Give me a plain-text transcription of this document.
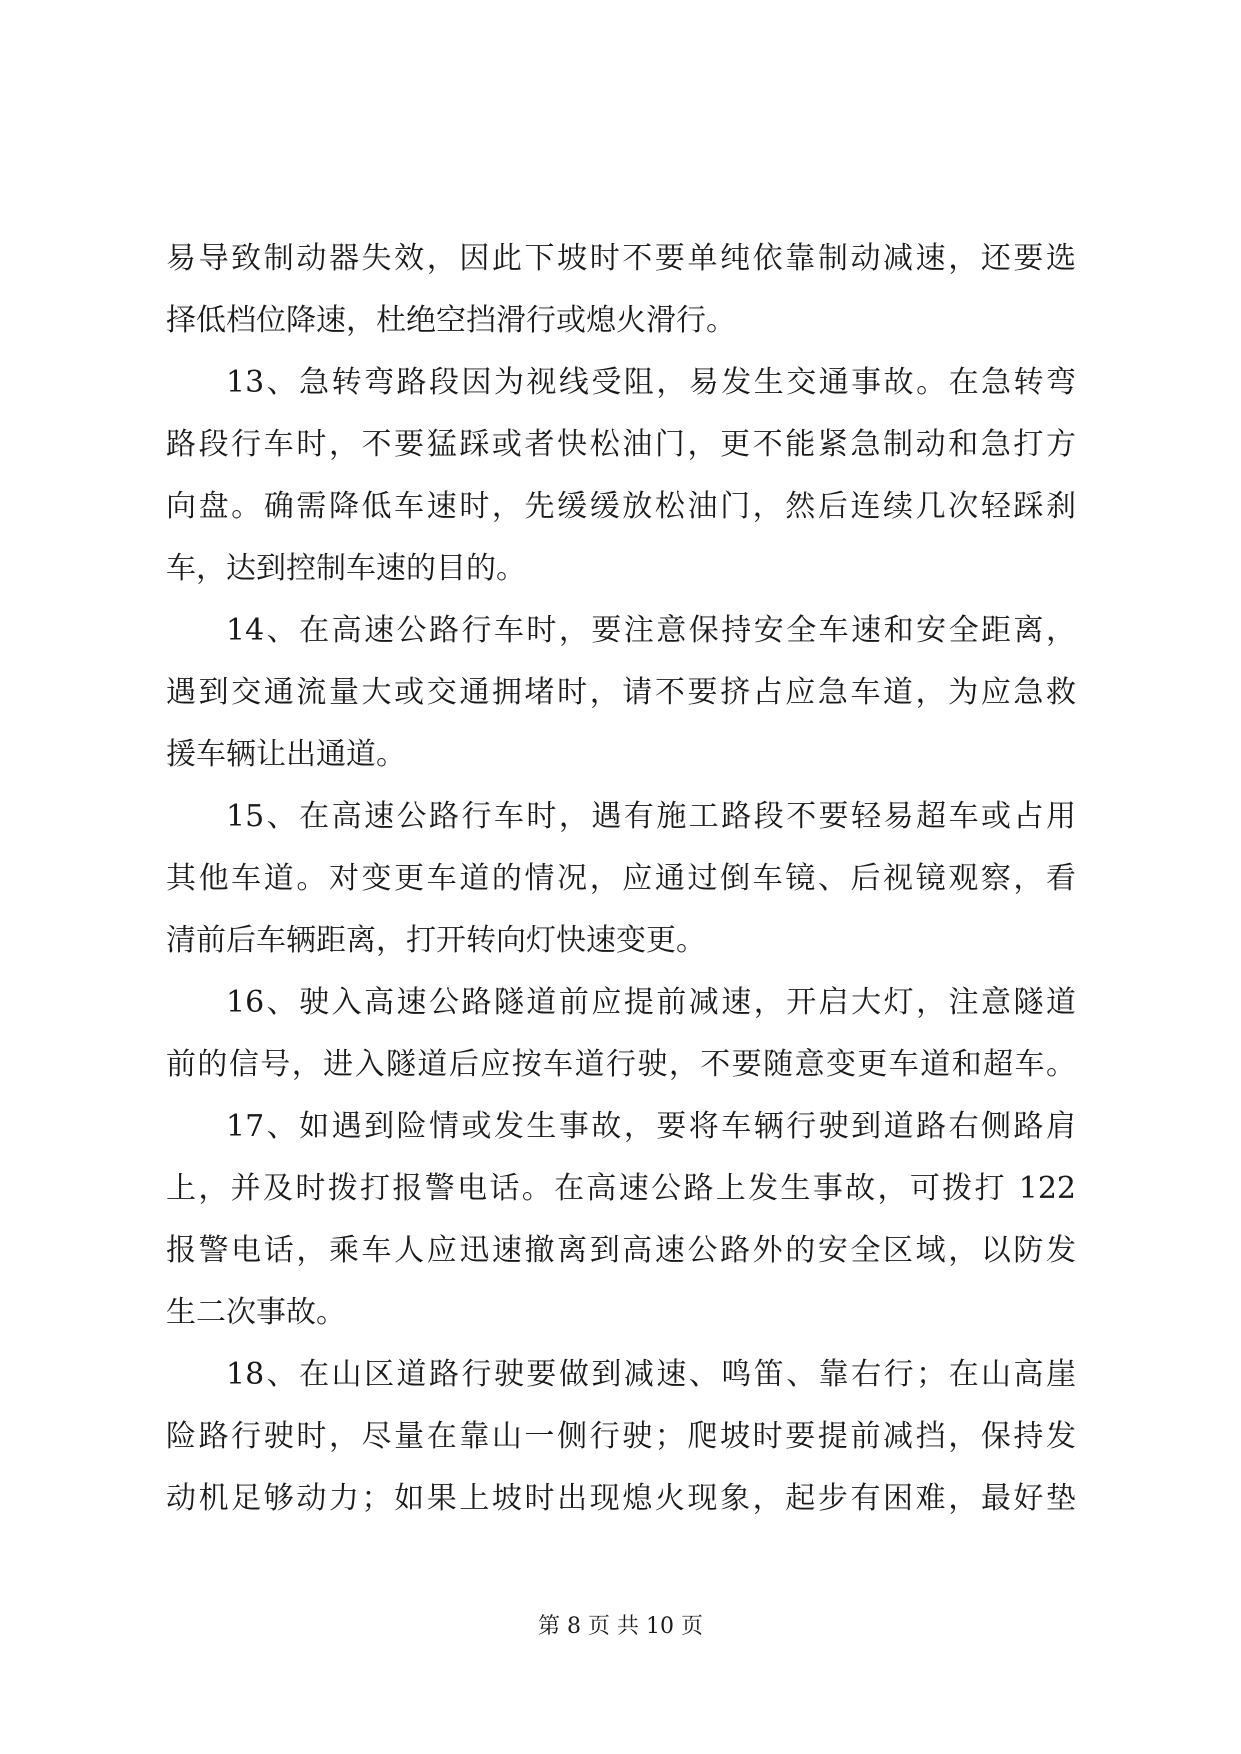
易导致制动器失效，因此下坡时不要单纯依靠制动减速，还要选
择低档位降速，杜绝空挡滑行或熄火滑行。
13、急转弯路段因为视线受阻，易发生交通事故。在急转弯
路段行车时，不要猛踩或者快松油门，更不能紧急制动和急打方
向盘。确需降低车速时，先缓缓放松油门，然后连续几次轻踩刹
车，达到控制车速的目的。
14、在高速公路行车时，要注意保持安全车速和安全距离，
遇到交通流量大或交通拥堵时，请不要挤占应急车道，为应急救
援车辆让出通道。
15、在高速公路行车时，遇有施工路段不要轻易超车或占用
其他车道。对变更车道的情况，应通过倒车镜、后视镜观察，看
清前后车辆距离，打开转向灯快速变更。
16、驶入高速公路隧道前应提前减速，开启大灯，注意隧道
前的信号，进入隧道后应按车道行驶，不要随意变更车道和超车。
17、如遇到险情或发生事故，要将车辆行驶到道路右侧路肩
上，并及时拨打报警电话。在高速公路上发生事故，可拨打 122
报警电话，乘车人应迅速撤离到高速公路外的安全区域，以防发
生二次事故。
18、在山区道路行驶要做到减速、鸣笛、靠右行；在山高崖
险路行驶时，尽量在靠山一侧行驶；爬坡时要提前减挡，保持发
动机足够动力；如果上坡时出现熄火现象，起步有困难，最好垫
第 8 页 共 10 页
